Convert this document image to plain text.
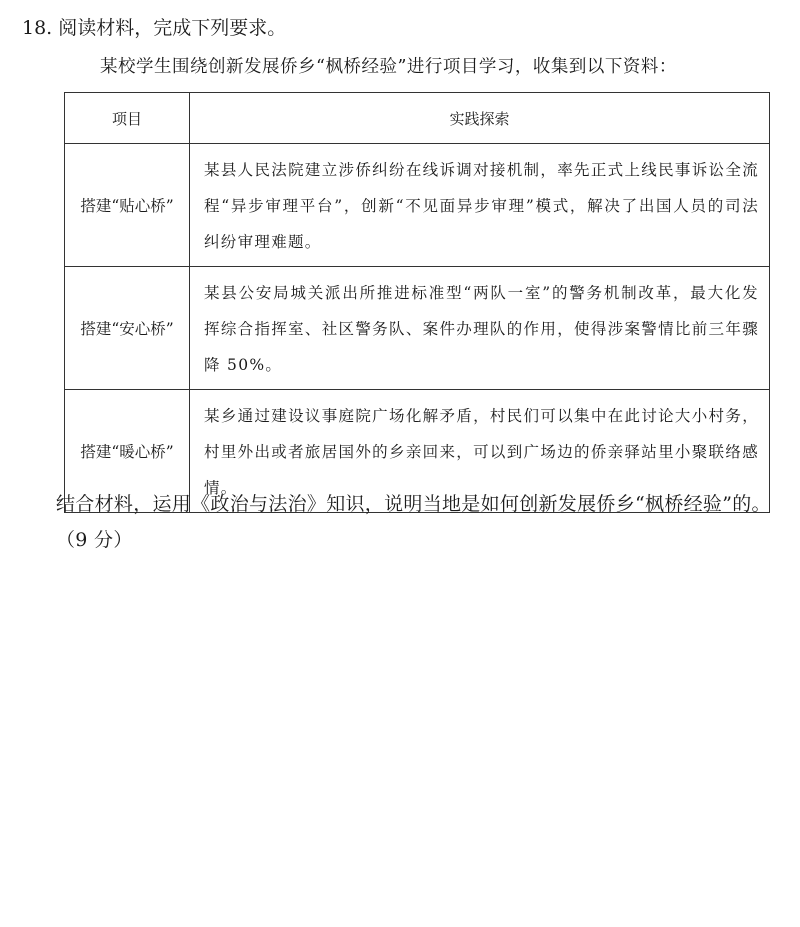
18. 阅读材料，完成下列要求。
某校学生围绕创新发展侨乡“枫桥经验”进行项目学习，收集到以下资料：
项目	实践探索
搭建“贴心桥”	某县人民法院建立涉侨纠纷在线诉调对接机制，率先正式上线民事诉讼全流程“异步审理平台”，创新“不见面异步审理”模式，解决了出国人员的司法纠纷审理难题。
搭建“安心桥”	某县公安局城关派出所推进标准型“两队一室”的警务机制改革，最大化发挥综合指挥室、社区警务队、案件办理队的作用，使得涉案警情比前三年骤降 50%。
搭建“暖心桥”	某乡通过建设议事庭院广场化解矛盾，村民们可以集中在此讨论大小村务，村里外出或者旅居国外的乡亲回来，可以到广场边的侨亲驿站里小聚联络感情。
结合材料，运用《政治与法治》知识，说明当地是如何创新发展侨乡“枫桥经验”的。（9 分）
